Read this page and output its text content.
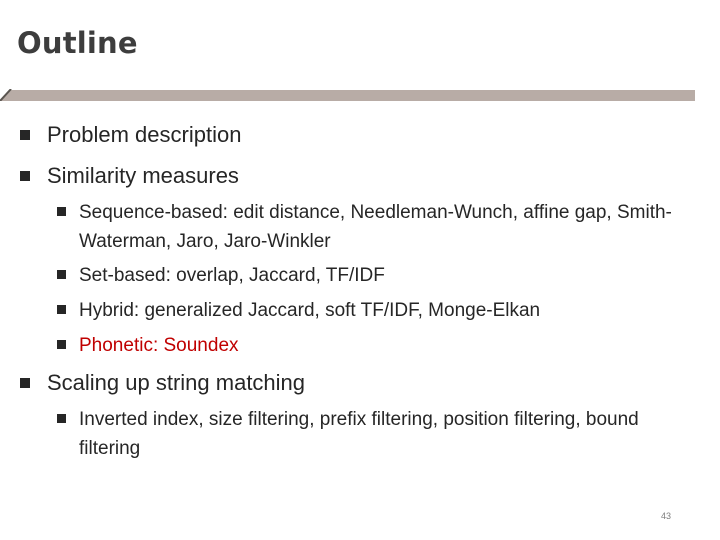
Outline
Problem description
Similarity measures
Sequence-based: edit distance, Needleman-Wunch, affine gap, Smith-Waterman, Jaro, Jaro-Winkler
Set-based: overlap, Jaccard, TF/IDF
Hybrid: generalized Jaccard, soft TF/IDF, Monge-Elkan
Phonetic: Soundex
Scaling up string matching
Inverted index, size filtering, prefix filtering, position filtering, bound filtering
43
